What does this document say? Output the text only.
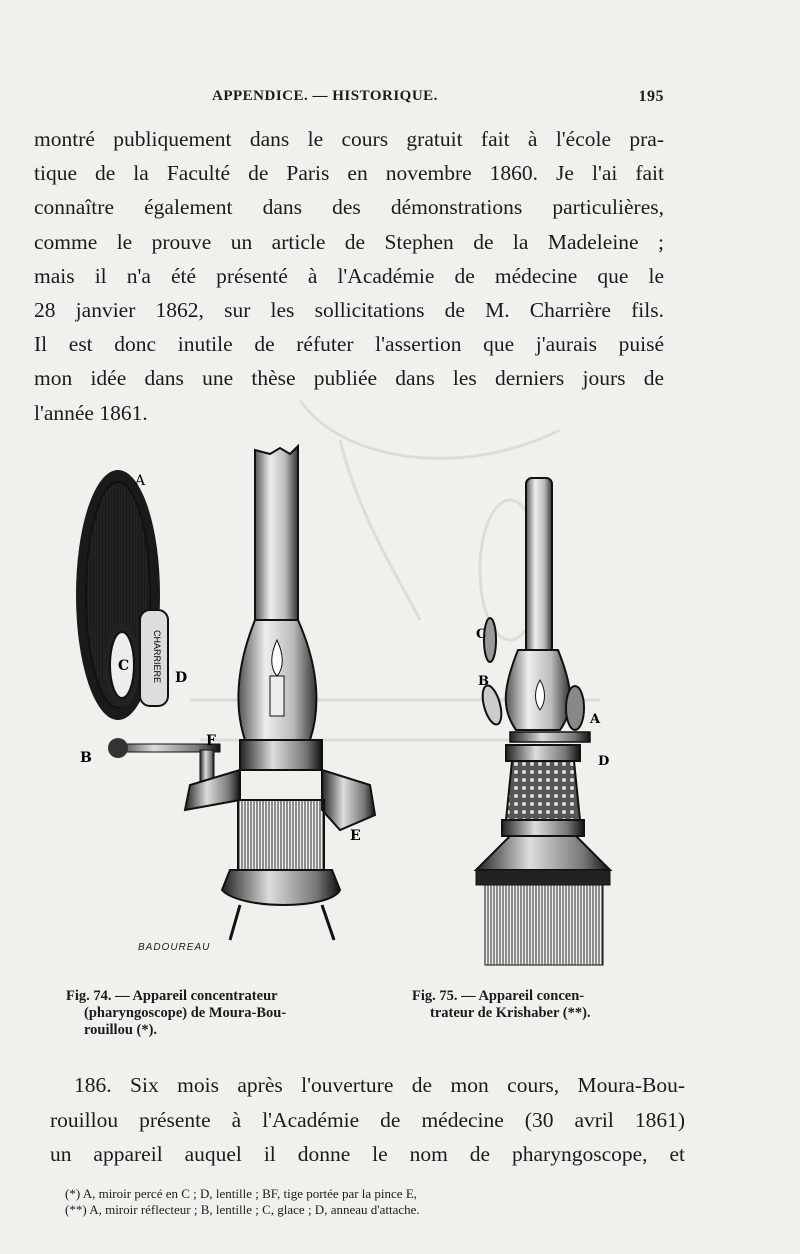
APPENDICE. — HISTORIQUE.	195
montré publiquement dans le cours gratuit fait à l'école pra-
tique de la Faculté de Paris en novembre 1860. Je l'ai fait
connaître également dans des démonstrations particulières,
comme le prouve un article de Stephen de la Madeleine ;
mais il n'a été présenté à l'Académie de médecine que le
28 janvier 1862, sur les sollicitations de M. Charrière fils.
Il est donc inutile de réfuter l'assertion que j'aurais puisé
mon idée dans une thèse publiée dans les derniers jours de
l'année 1861.
CHARRIERE
A
B
C
D
E
F
C
B
A
D
BADOUREAU
Fig. 74. — Appareil concentrateur
(pharyngoscope) de Moura-Bou-
rouillou (*).
Fig. 75. — Appareil concen-
trateur de Krishaber (**).
186. Six mois après l'ouverture de mon cours, Moura-Bou-
rouillou présente à l'Académie de médecine (30 avril 1861)
un appareil auquel il donne le nom de pharyngoscope, et
(*) A, miroir percé en C ; D, lentille ; BF, tige portée par la pince E,
(**) A, miroir réflecteur ; B, lentille ; C, glace ; D, anneau d'attache.
